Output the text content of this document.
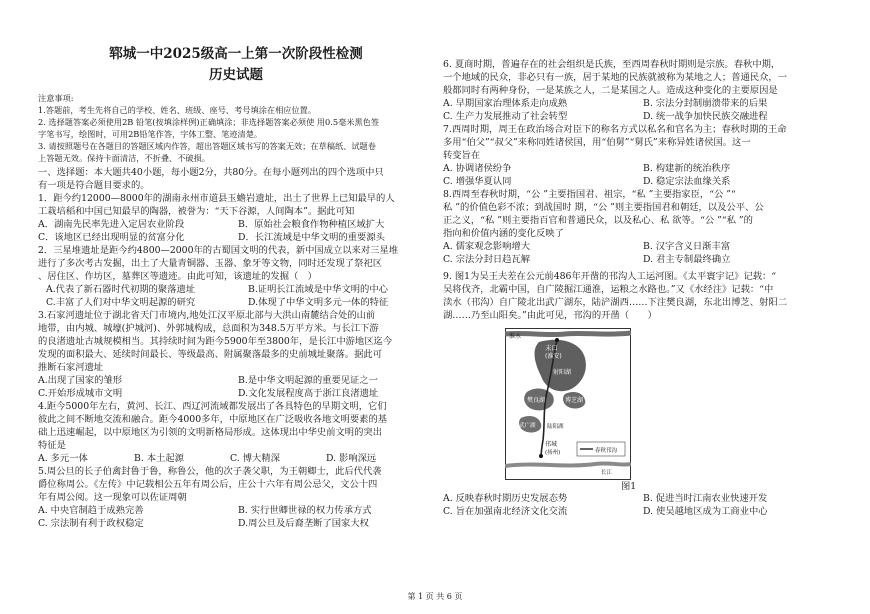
郓城一中2025级高一上第一次阶段性检测
历史试题
注意事项:
1.答题前，考生先将自己的学校、姓名、班级、座号、考号填涂在相应位置。
2. 选择题答案必须使用2B 铅笔(按填涂样例)正确填涂；非选择题答案必须使 用0.5毫米黑色签
字笔书写，绘图时，可用2B铅笔作答，字体工整、笔迹清楚。
3. 请按照题号在各题目的答题区域内作答，超出答题区域书写的答案无效；在草稿纸、试题卷
上答题无效。保持卡面清洁，不折叠、不破损。
一、选择题：本大题共40小题，每小题2分，共80分。在每小题列出的四个选项中只
有一项是符合题目要求的。
1．距今约12000—8000年的湖南永州市道县玉蟾岩遗址，出土了世界上已知最早的人
工栽培稻和中国已知最早的陶器，被誉为：“天下谷源，人间陶本”。据此可知
A．湖南先民率先进入定居农业阶段	B．原始社会粮食作物种植区域扩大
C．该地区已经出现明显的贫富分化	D．长江流域是中华文明的重要源头
2．三星堆遗址是距今约4800—2000年的古蜀国文明的代表，新中国成立以来对三星堆
进行了多次考古发掘，出土了大量青铜器、玉器、象牙等文物，同时还发现了祭祀区
、居住区、作坊区，墓葬区等遗迹。由此可知，该遗址的发掘（　）
A.代表了新石器时代初期的聚落遗址	B.证明长江流域是中华文明的中心
C.丰富了人们对中华文明起源的研究	D.体现了中华文明多元一体的特征
3.石家河遗址位于湖北省天门市境内,地处江汉平原北部与大洪山南麓结合处的山前
地带，由内城、城壕(护城河)、外郭城构成，总面积为348.5万平方米。与长江下游
的良渚遗址古城规模相当。其持续时间为距今5900年至3800年，是长江中游地区迄今
发现的面积最大、延续时间最长、等级最高、附属聚落最多的史前城址聚落。据此可
推断石家河遗址
A.出现了国家的雏形	B.是中华文明起源的重要见证之一
C.开始形成城市文明	D.文化发展程度高于浙江良渚遗址
4.距今5000年左右，黄河、长江、西辽河流域都发展出了各具特色的早期文明，它们
彼此之间不断地交流和融合。距今4000多年，中原地区在广泛吸收各地文明要素的基
础上迅速崛起，以中原地区为引领的文明新格局形成。这体现出中华史前文明的突出
特征是
A. 多元一体	B. 本土起源	C. 博大精深	D. 影响深远
5.周公旦的长子伯禽封鲁于鲁，称鲁公，他的次子袭父职，为王朝卿士，此后代代袭
爵位称周公。《左传》中记载相公五年有周公后，庄公十六年有周公忌父，文公十四
年有周公阅。这一现象可以佐证周朝
A. 中央官制趋于成熟完善	B. 实行世卿世禄的权力传承方式
C. 宗法制有利于政权稳定	D.周公旦及后裔垄断了国家大权
6. 夏商时期，普遍存在的社会组织是氏族，至西周春秋时期则是宗族。春秋中期，
一个地域的民众，非必只有一族，居于某地的民族就被称为某地之人；普通民众，一
般都同时有两种身份，一是某族之人，二是某国之人。造成这种变化的主要原因是
A. 早期国家治理体系走向成熟	B. 宗法分封制崩溃带来的后果
C. 生产力发展推动了社会转型	D. 统一战争加快民族交融进程
7.西周时期，周王在政治场合对臣下的称名方式以私名和官名为主；春秋时期的王命
多用“伯父”“叔父”来称同姓诸侯国，用“伯舅”“舅氏”来称异姓诸侯国。这一
转变旨在
A. 协调诸侯纷争	B. 构建新的统治秩序
C. 增强华夏认同	D. 稳定宗法血缘关系
8.西周至春秋时期，“公 ”主要指国君、祖宗，“私 ”主要指家臣，“公 ”“
私 ”的价值色彩不浓；到战国时 期，“公 ”则主要指国君和朝廷，以及公平、公
正之义，“私 ”则主要指百官和普通民众，以及私心、私 欲等。“公 ”“私 ”的
指向和价值内涵的变化反映了
A. 儒家观念影响增大	B. 汉字含义日渐丰富
C. 宗法分封日趋瓦解	D. 君主专制最终确立
9. 图1为吴王夫差在公元前486年开凿的邗沟人工运河图。《太平寰宇记》记载：“
吴将伐齐，北霸中国，自广陵掘江通淮，运粮之水路也。”又《水经注》记载：“中
渎水（邗沟）自广陵北出武广湖东，陆浐湖西……下注樊良湖，东北出博芝、射阳二
湖……乃至山阳矣。”由此可见，邗沟的开凿（　　）
图1
A. 反映春秋时期历史发展态势	B. 促进当时江南农业快速开发
C. 旨在加强南北经济文化交流	D. 使吴越地区成为工商业中心
淮水
末口
(淮安)
射阳湖
樊良湖	博芝湖
武广湖 陆阳湖
邗城
(扬州)
长江
春秋邗沟
第 1 页 共 6 页
